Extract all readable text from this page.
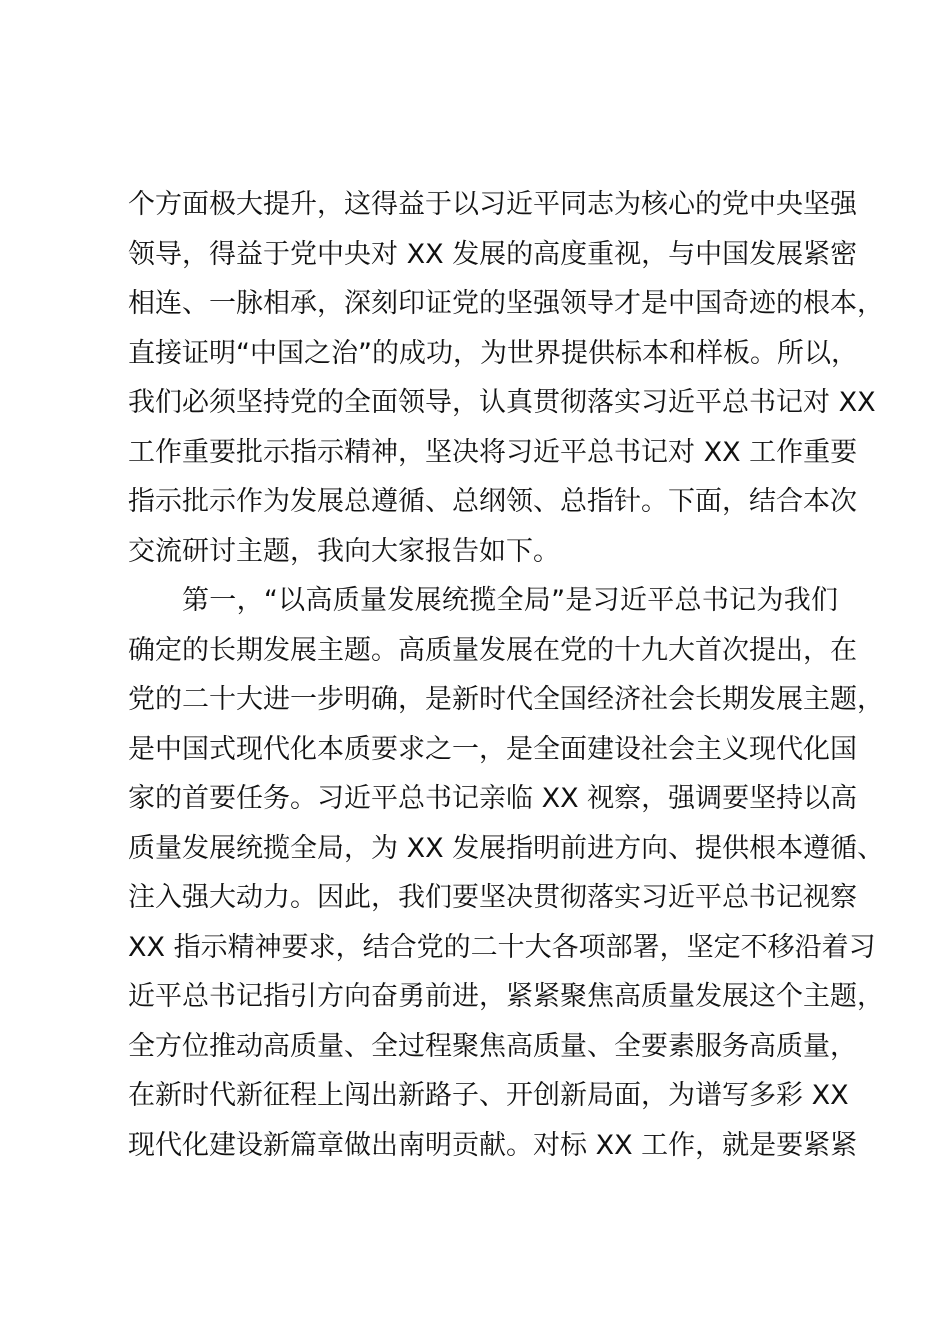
个方面极大提升，这得益于以习近平同志为核心的党中央坚强
领导，得益于党中央对 XX 发展的高度重视，与中国发展紧密
相连、一脉相承，深刻印证党的坚强领导才是中国奇迹的根本，
直接证明“中国之治”的成功，为世界提供标本和样板。所以，
我们必须坚持党的全面领导，认真贯彻落实习近平总书记对 XX
工作重要批示指示精神，坚决将习近平总书记对 XX 工作重要
指示批示作为发展总遵循、总纲领、总指针。下面，结合本次
交流研讨主题，我向大家报告如下。
第一，“以高质量发展统揽全局”是习近平总书记为我们
确定的长期发展主题。高质量发展在党的十九大首次提出，在
党的二十大进一步明确，是新时代全国经济社会长期发展主题，
是中国式现代化本质要求之一，是全面建设社会主义现代化国
家的首要任务。习近平总书记亲临 XX 视察，强调要坚持以高
质量发展统揽全局，为 XX 发展指明前进方向、提供根本遵循、
注入强大动力。因此，我们要坚决贯彻落实习近平总书记视察
XX 指示精神要求，结合党的二十大各项部署，坚定不移沿着习
近平总书记指引方向奋勇前进，紧紧聚焦高质量发展这个主题，
全方位推动高质量、全过程聚焦高质量、全要素服务高质量，
在新时代新征程上闯出新路子、开创新局面，为谱写多彩 XX
现代化建设新篇章做出南明贡献。对标 XX 工作，就是要紧紧
